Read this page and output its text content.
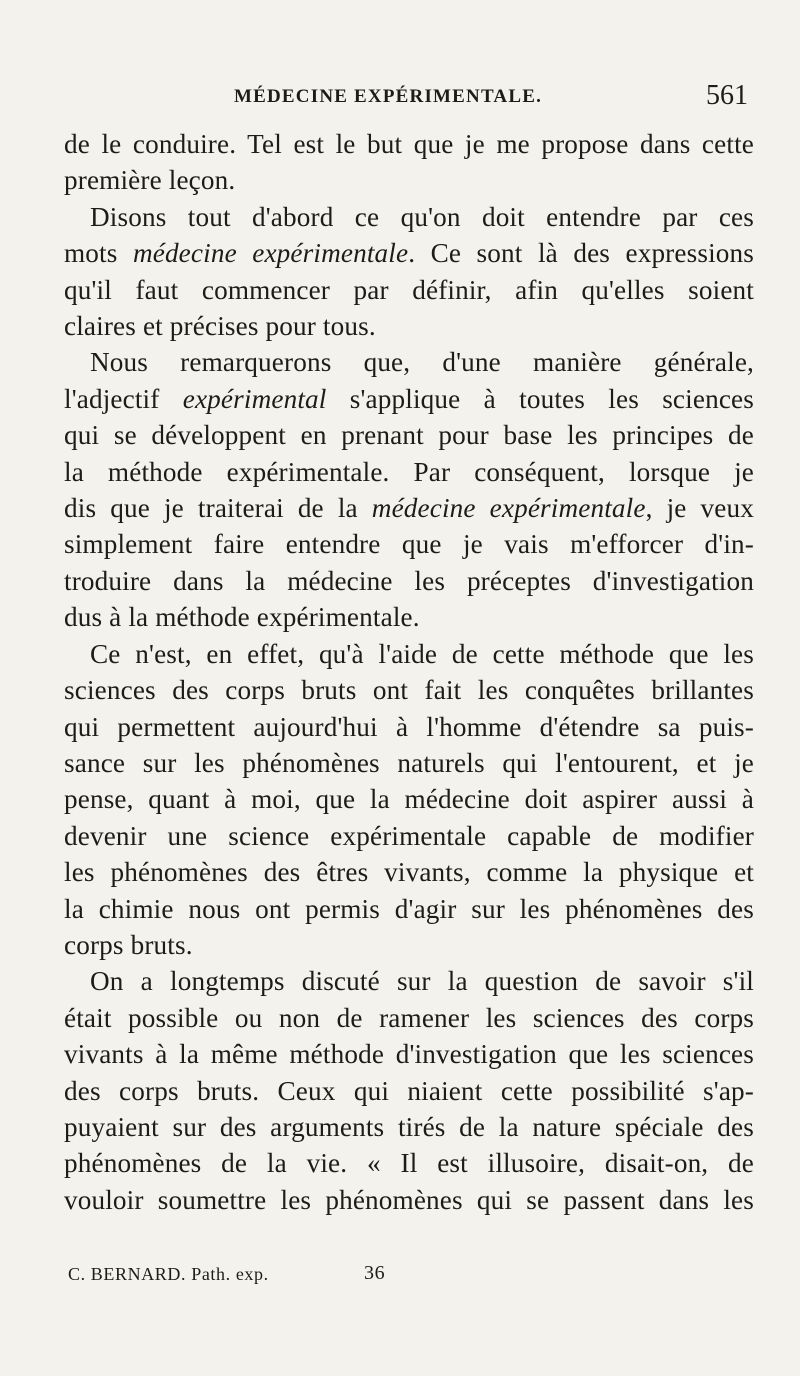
MÉDECINE EXPÉRIMENTALE.	561
de le conduire. Tel est le but que je me propose dans cette
première leçon.
Disons tout d'abord ce qu'on doit entendre par ces
mots médecine expérimentale. Ce sont là des expressions
qu'il faut commencer par définir, afin qu'elles soient
claires et précises pour tous.
Nous remarquerons que, d'une manière générale,
l'adjectif expérimental s'applique à toutes les sciences
qui se développent en prenant pour base les principes de
la méthode expérimentale. Par conséquent, lorsque je
dis que je traiterai de la médecine expérimentale, je veux
simplement faire entendre que je vais m'efforcer d'in-
troduire dans la médecine les préceptes d'investigation
dus à la méthode expérimentale.
Ce n'est, en effet, qu'à l'aide de cette méthode que les
sciences des corps bruts ont fait les conquêtes brillantes
qui permettent aujourd'hui à l'homme d'étendre sa puis-
sance sur les phénomènes naturels qui l'entourent, et je
pense, quant à moi, que la médecine doit aspirer aussi à
devenir une science expérimentale capable de modifier
les phénomènes des êtres vivants, comme la physique et
la chimie nous ont permis d'agir sur les phénomènes des
corps bruts.
On a longtemps discuté sur la question de savoir s'il
était possible ou non de ramener les sciences des corps
vivants à la même méthode d'investigation que les sciences
des corps bruts. Ceux qui niaient cette possibilité s'ap-
puyaient sur des arguments tirés de la nature spéciale des
phénomènes de la vie. « Il est illusoire, disait-on, de
vouloir soumettre les phénomènes qui se passent dans les
C. BERNARD. Path. exp.	36
